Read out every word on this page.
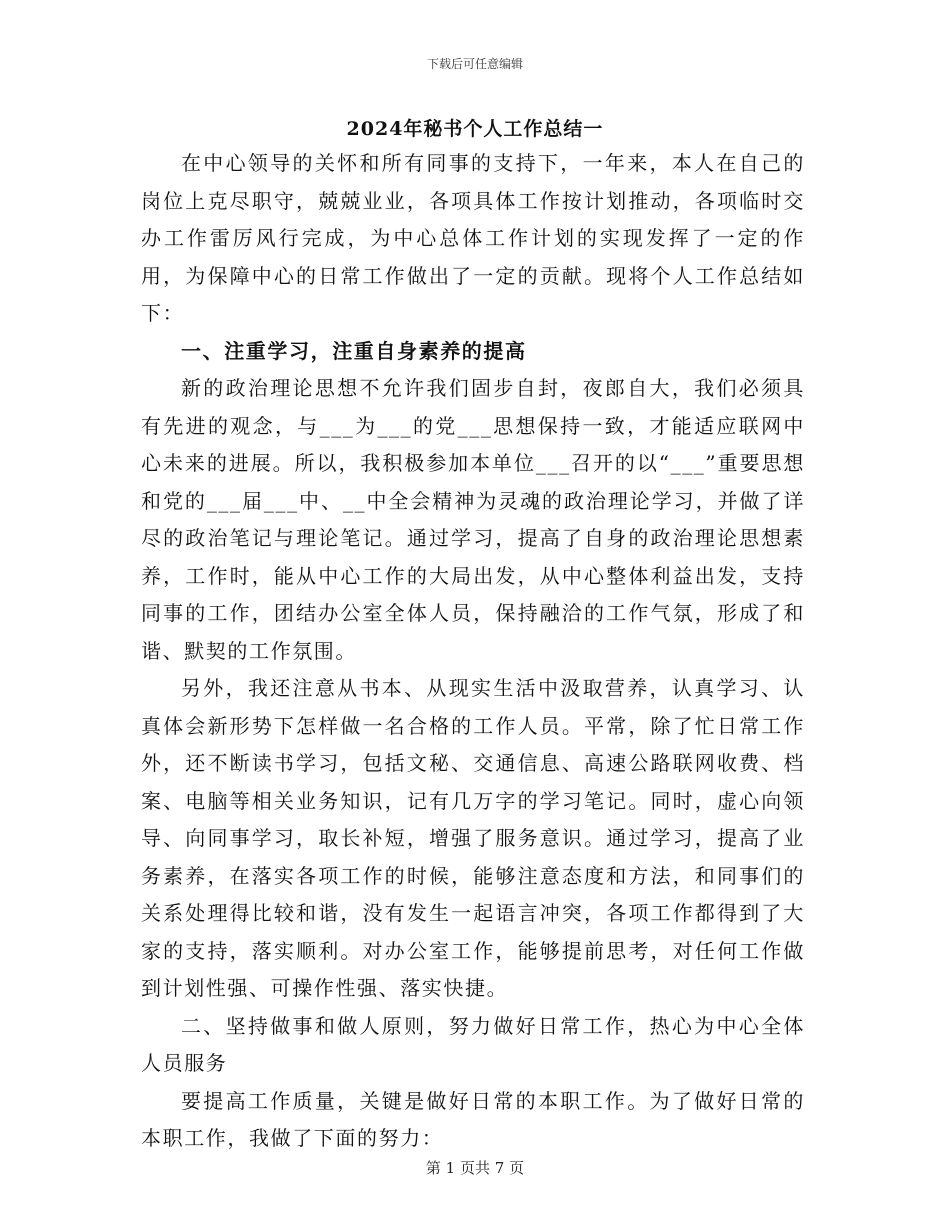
下载后可任意编辑
2024年秘书个人工作总结一

在中心领导的关怀和所有同事的支持下，一年来，本人在自己的岗位上克尽职守，兢兢业业，各项具体工作按计划推动，各项临时交办工作雷厉风行完成，为中心总体工作计划的实现发挥了一定的作用，为保障中心的日常工作做出了一定的贡献。现将个人工作总结如下：

一、注重学习，注重自身素养的提高

新的政治理论思想不允许我们固步自封，夜郎自大，我们必须具有先进的观念，与___为___的党___思想保持一致，才能适应联网中心未来的进展。所以，我积极参加本单位___召开的以“___”重要思想和党的___届___中、__中全会精神为灵魂的政治理论学习，并做了详尽的政治笔记与理论笔记。通过学习，提高了自身的政治理论思想素养，工作时，能从中心工作的大局出发，从中心整体利益出发，支持同事的工作，团结办公室全体人员，保持融洽的工作气氛，形成了和谐、默契的工作氛围。

另外，我还注意从书本、从现实生活中汲取营养，认真学习、认真体会新形势下怎样做一名合格的工作人员。平常，除了忙日常工作外，还不断读书学习，包括文秘、交通信息、高速公路联网收费、档案、电脑等相关业务知识，记有几万字的学习笔记。同时，虚心向领导、向同事学习，取长补短，增强了服务意识。通过学习，提高了业务素养，在落实各项工作的时候，能够注意态度和方法，和同事们的关系处理得比较和谐，没有发生一起语言冲突，各项工作都得到了大家的支持，落实顺利。对办公室工作，能够提前思考，对任何工作做到计划性强、可操作性强、落实快捷。

二、坚持做事和做人原则，努力做好日常工作，热心为中心全体人员服务

要提高工作质量，关键是做好日常的本职工作。为了做好日常的本职工作，我做了下面的努力：

第 1 页共 7 页
